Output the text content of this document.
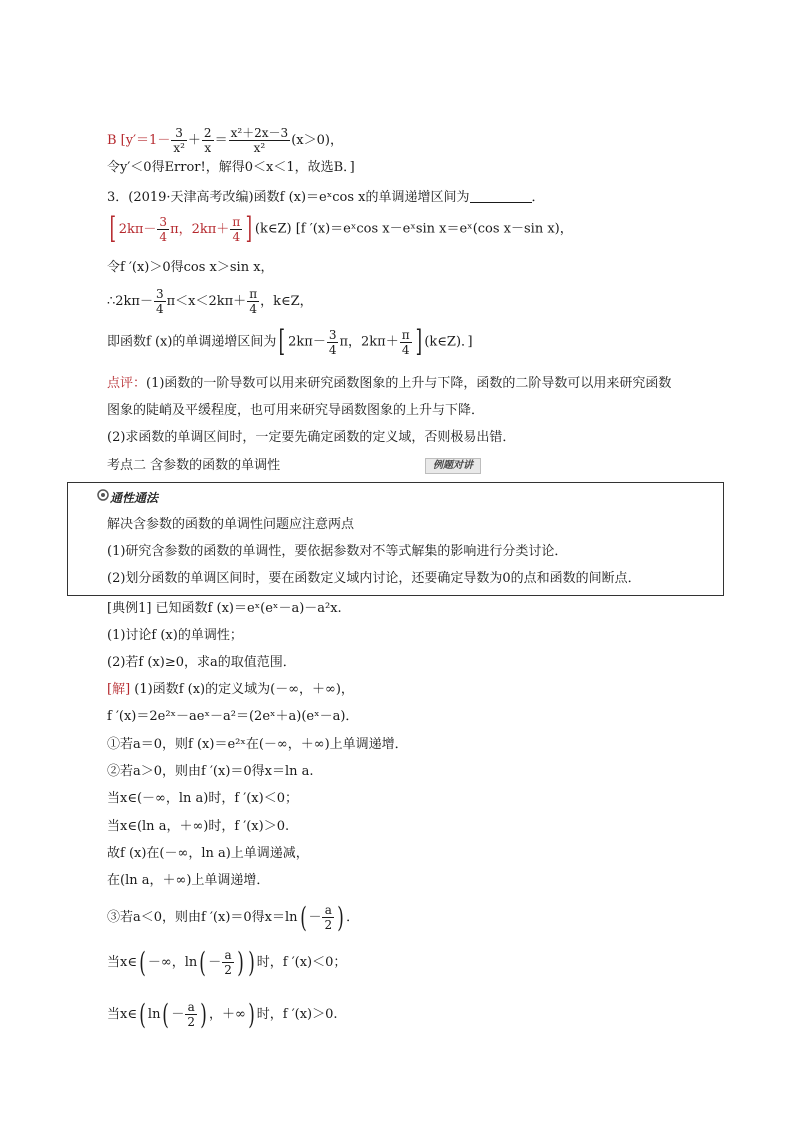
B [$y'=1- \frac{3}{\text{x²}} + \frac{2}{x} = \frac{\text{x²＋2x－3}}{\text{x²}} (x>0)$，
令y′＜0得Error!，解得0＜x＜1，故选B．]
3．(2019·天津高考改编)函数f (x)＝eˣcos x的单调递增区间为	．
[ $2k\pi- \frac{3}{4}$ π，$2k\pi+ \frac{\pi}{4}$ ] (k∈Z) [f ′(x)＝eˣcos x－eˣsin x＝eˣ(cos x－sin x)，
令f ′(x)＞0得cos x＞sin x，
∴2kπ－ $\frac{3}{4} \pi<x<2k\pi+ \frac{\pi}{4}$ ，k∈Z，
即函数f (x)的单调递增区间为[ $2k\pi- \frac{3}{4}$ π，$2k\pi+ \frac{\pi}{4}$ ] (k∈Z)．]
点评：(1)函数的一阶导数可以用来研究函数图象的上升与下降，函数的二阶导数可以用来研究函数
图象的陡峭及平缓程度，也可用来研究导函数图象的上升与下降．
(2)求函数的单调区间时，一定要先确定函数的定义域，否则极易出错．
考点二 含参数的函数的单调性	例题对讲
通性通法
解决含参数的函数的单调性问题应注意两点
(1)研究含参数的函数的单调性，要依据参数对不等式解集的影响进行分类讨论．
(2)划分函数的单调区间时，要在函数定义域内讨论，还要确定导数为0的点和函数的间断点．
[典例1] 已知函数f (x)＝eˣ(eˣ－a)－a²x.
(1)讨论f (x)的单调性；
(2)若f (x)≥0，求a的取值范围．
[解] (1)函数f (x)的定义域为(－∞，＋∞)，
f ′(x)＝2e²ˣ－aeˣ－a²＝(2eˣ＋a)(eˣ－a)．
①若a＝0，则f (x)＝e²ˣ在(－∞，＋∞)上单调递增．
②若a＞0，则由f ′(x)＝0得x＝ln a.
当x∈(－∞，ln a)时，f ′(x)＜0；
当x∈(ln a，＋∞)时，f ′(x)＞0.
故f (x)在(－∞，ln a)上单调递减，
在(ln a，＋∞)上单调递增．
③若a＜0，则由f ′(x)＝0得$x=\ln( - \frac{a}{2}$ ) ．
当x∈( －∞，$\ln( - \frac{a}{2}$ ) ) 时，f ′(x)＜0；
当x∈( $\ln( - \frac{a}{2}$ ) ，＋∞) 时，f ′(x)＞0.
